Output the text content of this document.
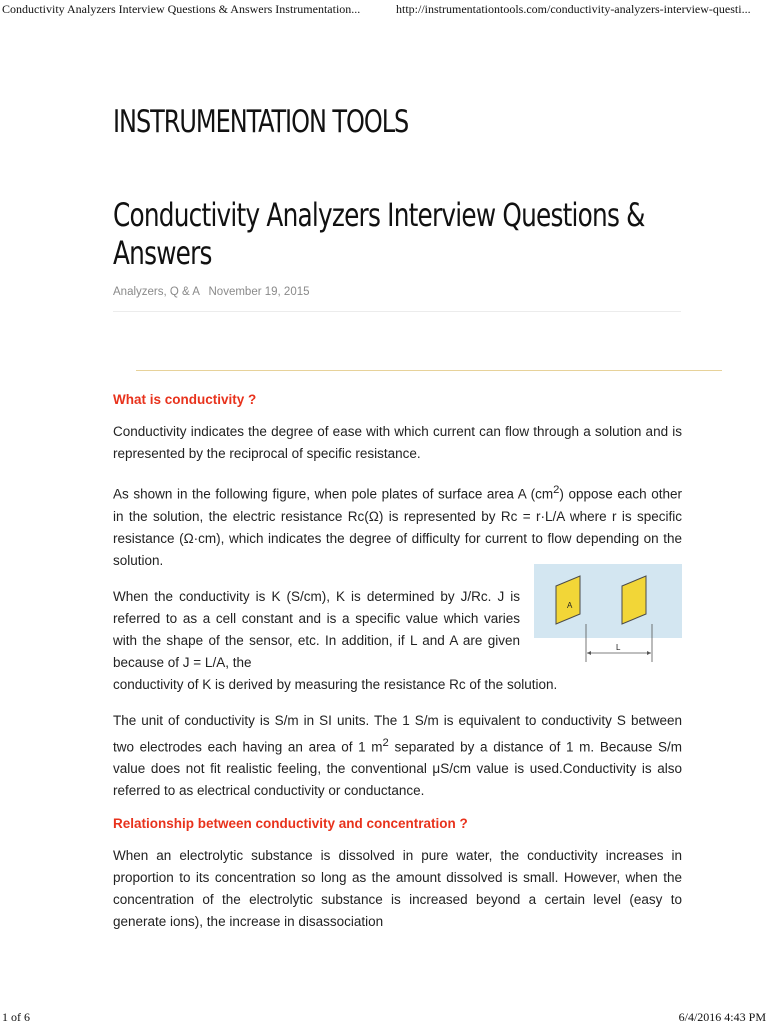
Conductivity Analyzers Interview Questions & Answers Instrumentation...	http://instrumentationtools.com/conductivity-analyzers-interview-questi...
INSTRUMENTATION TOOLS
Conductivity Analyzers Interview Questions & Answers
Analyzers, Q & A November 19, 2015
What is conductivity ?

Conductivity indicates the degree of ease with which current can flow through a solution and is represented by the reciprocal of specific resistance.

As shown in the following figure, when pole plates of surface area A $(cm^2)$ oppose each other in the solution, the electric resistance Rc(Ω) is represented by Rc = r·L/A where r is specific resistance (Ω·cm), which indicates the degree of difficulty for current to flow depending on the solution.

When the conductivity is K (S/cm), K is determined by J/Rc. J is referred to as a cell constant and is a specific value which varies with the shape of the sensor, etc. In addition, if L and A are given because of J = L/A, the

conductivity of K is derived by measuring the resistance Rc of the solution.

The unit of conductivity is S/m in SI units. The 1 S/m is equivalent to conductivity S between two electrodes each having an area of 1 $m^2$ separated by a distance of 1 m. Because S/m value does not fit realistic feeling, the conventional μS/cm value is used.Conductivity is also referred to as electrical conductivity or conductance.

Relationship between conductivity and concentration ?

When an electrolytic substance is dissolved in pure water, the conductivity increases in proportion to its concentration so long as the amount dissolved is small. However, when the concentration of the electrolytic substance is increased beyond a certain level (easy to generate ions), the increase in disassociation

A
L
1 of 6	6/4/2016 4:43 PM
